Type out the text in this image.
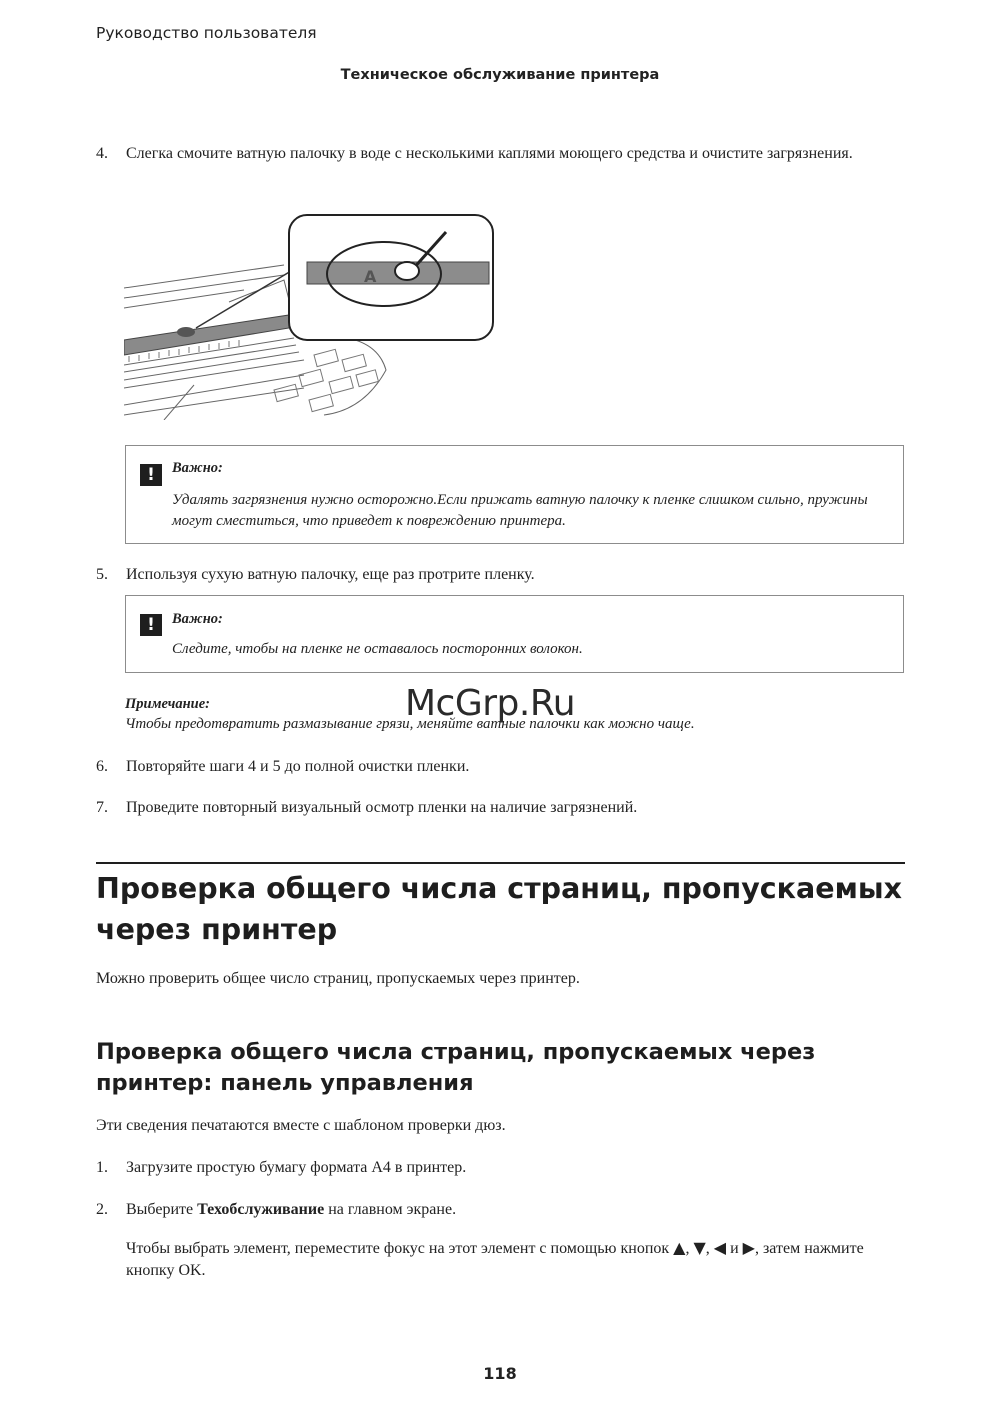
Руководство пользователя
Техническое обслуживание принтера
4. Слегка смочите ватную палочку в воде с несколькими каплями моющего средства и очистите загрязнения.
A
!	Важно:
Удалять загрязнения нужно осторожно.Если прижать ватную палочку к пленке слишком сильно, пружины могут сместиться, что приведет к повреждению принтера.
5. Используя сухую ватную палочку, еще раз протрите пленку.
!	Важно:
Следите, чтобы на пленке не оставалось посторонних волокон.
Примечание:
Чтобы предотвратить размазывание грязи, меняйте ватные палочки как можно чаще.
McGrp.Ru
6. Повторяйте шаги 4 и 5 до полной очистки пленки.
7. Проведите повторный визуальный осмотр пленки на наличие загрязнений.
Проверка общего числа страниц, пропускаемых через принтер
Можно проверить общее число страниц, пропускаемых через принтер.
Проверка общего числа страниц, пропускаемых через принтер: панель управления
Эти сведения печатаются вместе с шаблоном проверки дюз.
1. Загрузите простую бумагу формата A4 в принтер.
2. Выберите Техобслуживание на главном экране.
Чтобы выбрать элемент, переместите фокус на этот элемент с помощью кнопок ▲, ▼, ◀ и ▶, затем нажмите кнопку OK.
118
